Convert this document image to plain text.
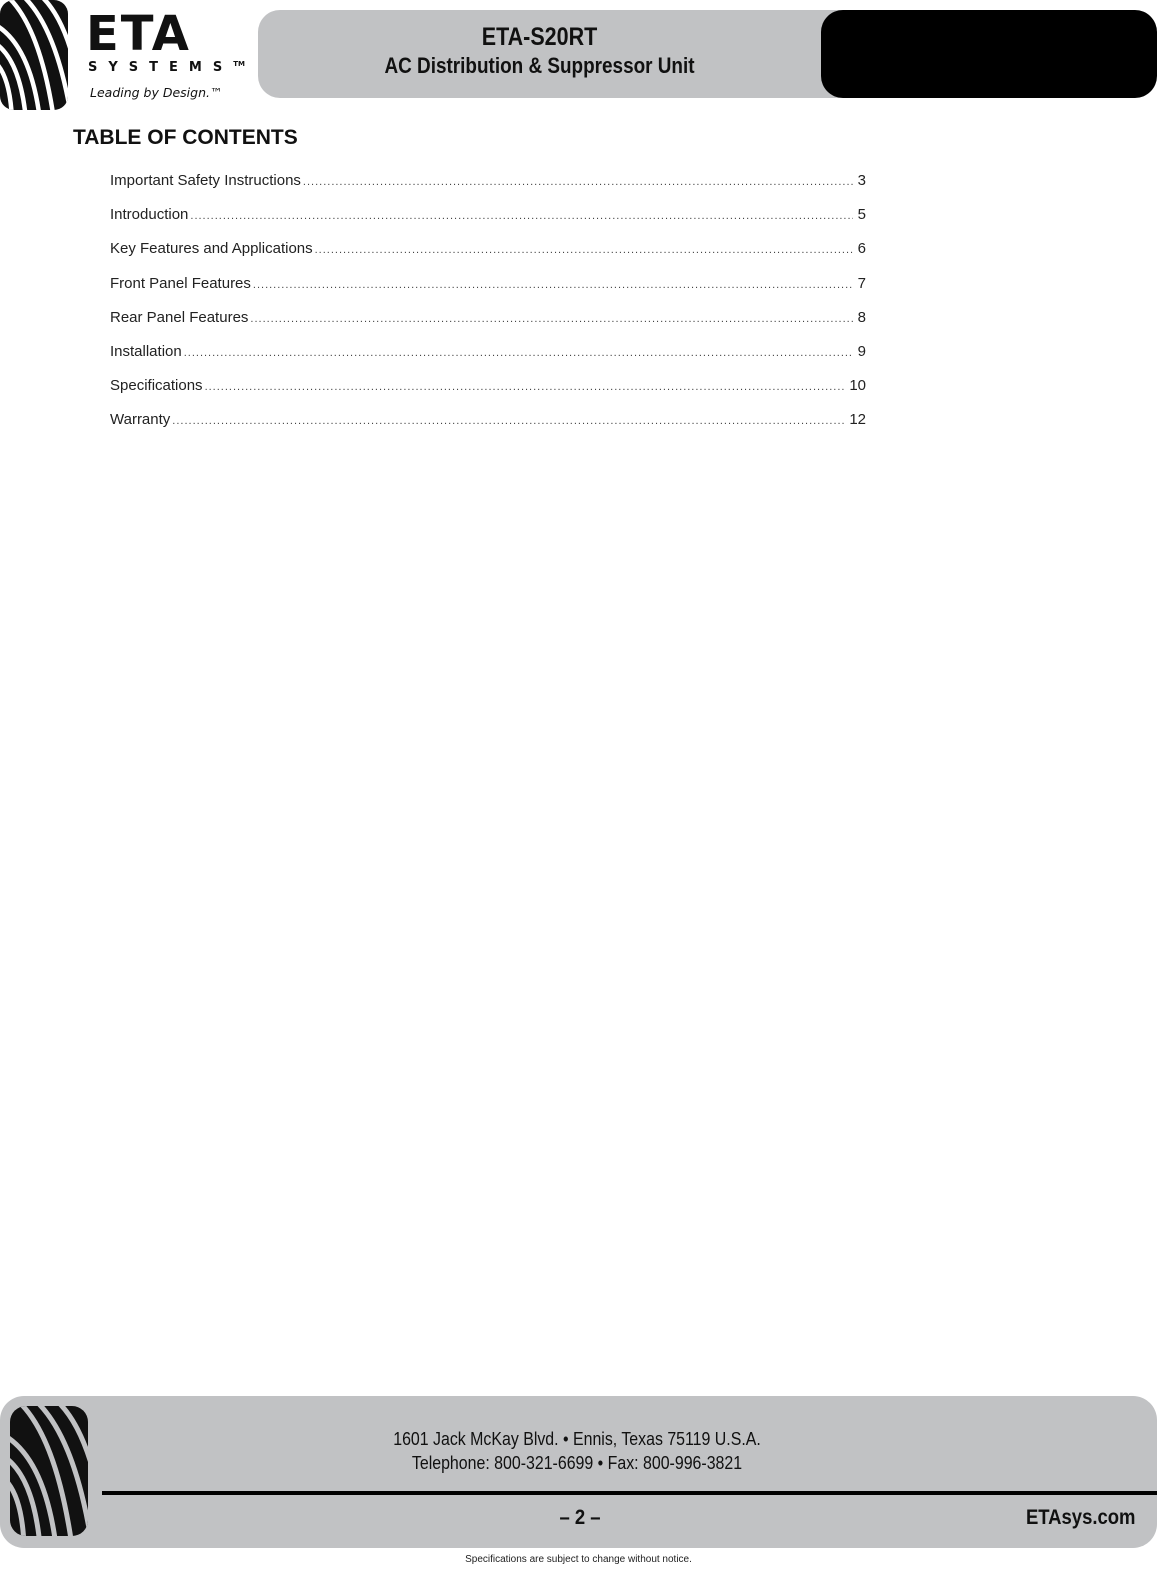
ETA
SYSTEMS™
Leading by Design.™
ETA-S20RT
AC Distribution & Suppressor Unit
TABLE OF CONTENTS
Important Safety Instructions .....	3
Introduction .....	5
Key Features and Applications .....	6
Front Panel Features .....	7
Rear Panel Features .....	8
Installation .....	9
Specifications .....	10
Warranty .....	12
1601 Jack McKay Blvd. • Ennis, Texas 75119 U.S.A.
Telephone: 800-321-6699 • Fax: 800-996-3821
– 2 –	ETAsys.com
Specifications are subject to change without notice.
